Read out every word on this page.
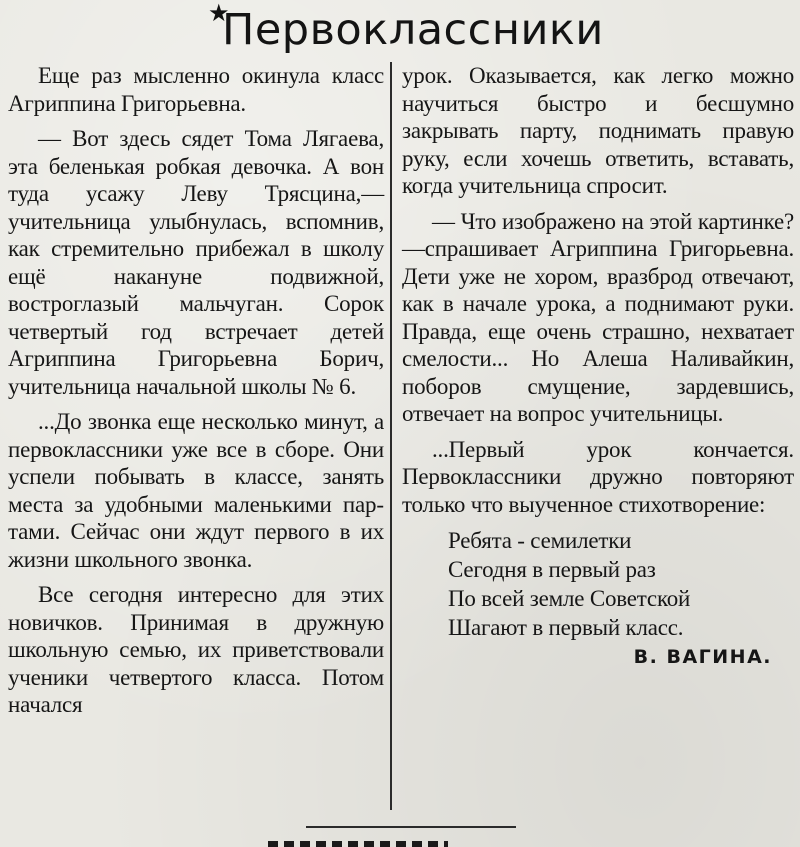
★
Первоклассники

Еще раз мысленно окинула класс Агриппина Григорьевна.

— Вот здесь сядет Тома Лягаева, эта беленькая робкая девочка. А вон туда усажу Леву Трясцина,—учительница улыбнулась, вспомнив, как стремительно прибежал в школу ещё накануне подвижной, востроглазый мальчуган. Сорок четвертый год встречает детей Агриппина Григорьевна Борич, учительница начальной школы № 6.

...До звонка еще несколько минут, а первоклассники уже все в сборе. Они успели побывать в классе, занять места за удобными маленькими партами. Сейчас они ждут первого в их жизни школьного звонка.

Все сегодня интересно для этих новичков. Принимая в дружную школьную семью, их приветствовали ученики четвертого класса. Потом начался

урок. Оказывается, как легко можно научиться быстро и бесшумно закрывать парту, поднимать правую руку, если хочешь ответить, вставать, когда учительница спросит.

— Что изображено на этой картинке?—спрашивает Агриппина Григорьевна. Дети уже не хором, вразброд отвечают, как в начале урока, а поднимают руки. Правда, еще очень страшно, нехватает смелости... Но Алеша Наливайкин, поборов смущение, зардевшись, отвечает на вопрос учительницы.

...Первый урок кончается. Первоклассники дружно повторяют только что выученное стихотворение:

Ребята - семилетки
Сегодня в первый раз
По всей земле Советской
Шагают в первый класс.
В. ВАГИНА.
